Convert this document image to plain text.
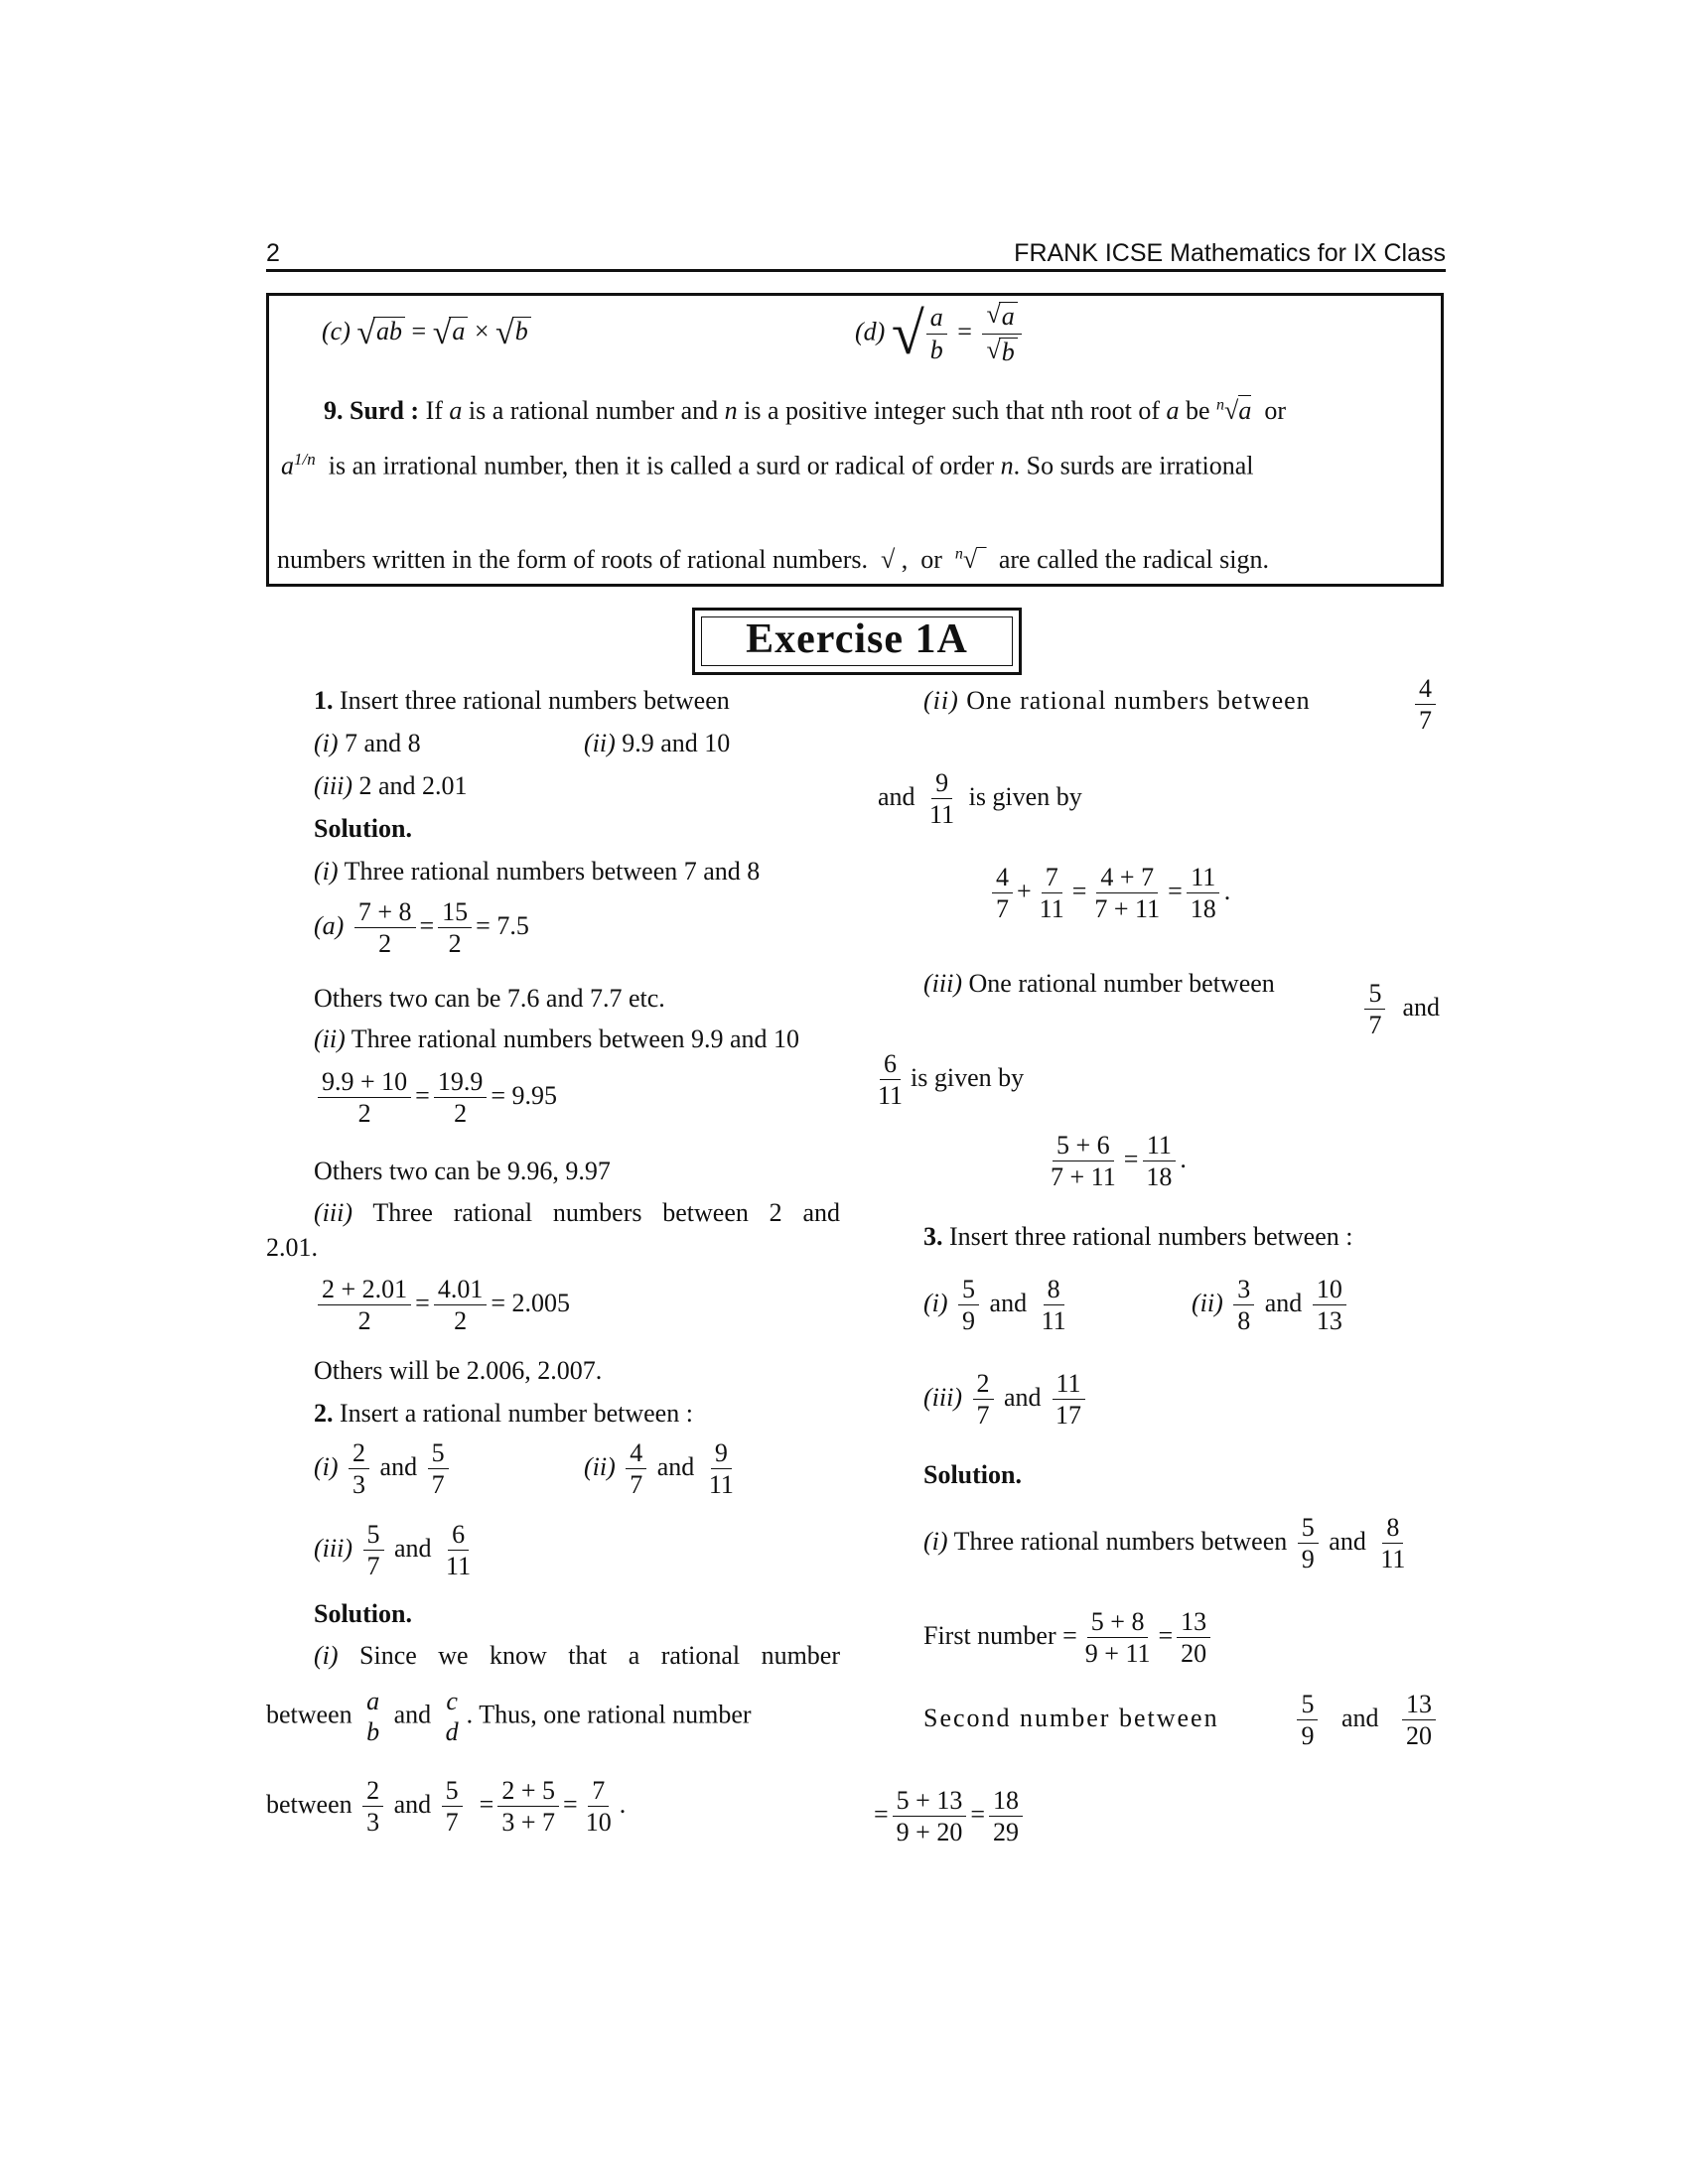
2	FRANK ICSE Mathematics for IX Class
(c) √ ab = √ a × √ b	(d) √ $\frac{a}{b} = \frac{√ a}{√ b}$
9. Surd : If a is a rational number and n is a positive integer such that nth root of a be $^n$√a  or
$a^{1/n}$  is an irrational number, then it is called a surd or radical of order n. So surds are irrational
numbers written in the form of roots of rational numbers.  √ ,  or  $^n$√‾  are called the radical sign.
Exercise 1A
1. Insert three rational numbers between
(i) 7 and 8	(ii) 9.9 and 10
(iii) 2 and 2.01
Solution.
(i) Three rational numbers between 7 and 8
$(a) \frac{7 + 8}{2} = \frac{15}{2} = 7.5$
Others two can be 7.6 and 7.7 etc.
(ii) Three rational numbers between 9.9 and 10
$\frac{9.9 + 10}{2} = \frac{19.9}{2} = 9.95$
Others two can be 9.96, 9.97
(iii) Three rational numbers between 2 and
2.01.
$\frac{2 + 2.01}{2} = \frac{4.01}{2} = 2.005$
Others will be 2.006, 2.007.
2. Insert a rational number between :
$(i) \frac{2}{3}$ and $\frac{5}{7}$	$(ii) \frac{4}{7}$ and $\frac{9}{11}$
$(iii) \frac{5}{7}$ and $\frac{6}{11}$
Solution.
(i) Since we know that a rational number
between a
b
and c
d
. Thus, one rational number
between $\frac{2}{3}$ and $\frac{5}{7} = \frac{2 + 5}{3 + 7} = \frac{7}{10}$ .
(ii) One rational numbers between	$\frac{4}{7}$
and $\frac{9}{11}$ is given by
$\frac{4}{7} + \frac{7}{11} = \frac{4 + 7}{7 + 11} = \frac{11}{18}$ .
(iii) One rational number between	$\frac{5}{7}$ and
$\frac{6}{11}$ is given by
$\frac{5 + 6}{7 + 11} = \frac{11}{18}$ .
3. Insert three rational numbers between :
$(i) \frac{5}{9}$ and $\frac{8}{11}$	$(ii) \frac{3}{8}$ and $\frac{10}{13}$
$(iii) \frac{2}{7}$ and $\frac{11}{17}$
Solution.
(i) Three rational numbers between $\frac{5}{9}$ and $\frac{8}{11}$
First number = $\frac{5 + 8}{9 + 11} = \frac{13}{20}$
Second number between	$\frac{5}{9}$ and $\frac{13}{20}$
= $\frac{5 + 13}{9 + 20} = \frac{18}{29}$
